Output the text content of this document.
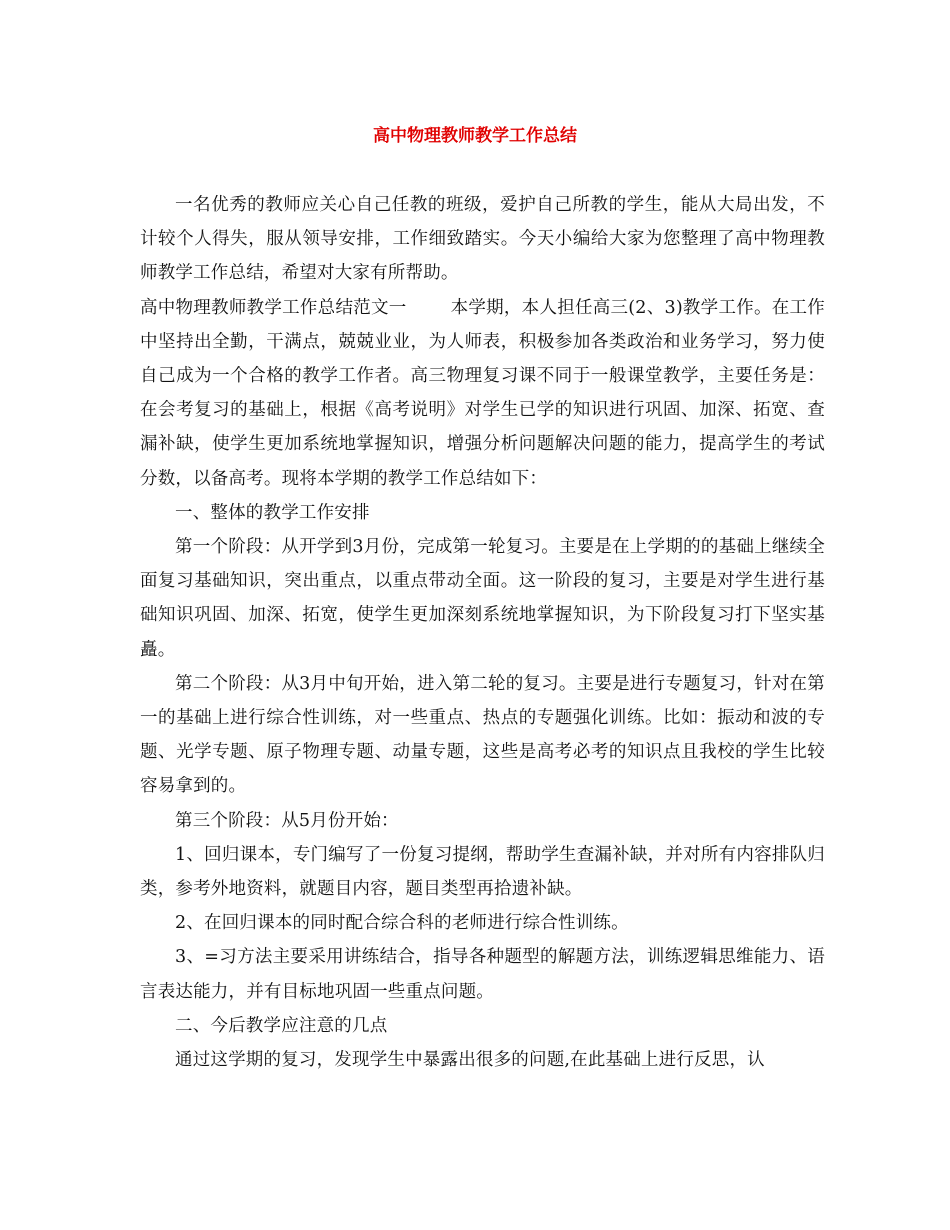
高中物理教师教学工作总结

一名优秀的教师应关心自己任教的班级，爱护自己所教的学生，能从大局出发，不计较个人得失，服从领导安排，工作细致踏实。今天小编给大家为您整理了高中物理教师教学工作总结，希望对大家有所帮助。

高中物理教师教学工作总结范文一	本学期，本人担任高三(2、3)教学工作。在工作中坚持出全勤，干满点，兢兢业业，为人师表，积极参加各类政治和业务学习，努力使自己成为一个合格的教学工作者。高三物理复习课不同于一般课堂教学，主要任务是：在会考复习的基础上，根据《高考说明》对学生已学的知识进行巩固、加深、拓宽、查漏补缺，使学生更加系统地掌握知识，增强分析问题解决问题的能力，提高学生的考试分数，以备高考。现将本学期的教学工作总结如下：

一、整体的教学工作安排

第一个阶段：从开学到3月份，完成第一轮复习。主要是在上学期的的基础上继续全面复习基础知识，突出重点，以重点带动全面。这一阶段的复习，主要是对学生进行基础知识巩固、加深、拓宽，使学生更加深刻系统地掌握知识，为下阶段复习打下坚实基矗。

第二个阶段：从3月中旬开始，进入第二轮的复习。主要是进行专题复习，针对在第一的基础上进行综合性训练，对一些重点、热点的专题强化训练。比如：振动和波的专题、光学专题、原子物理专题、动量专题，这些是高考必考的知识点且我校的学生比较容易拿到的。

第三个阶段：从5月份开始：

1、回归课本，专门编写了一份复习提纲，帮助学生查漏补缺，并对所有内容排队归类，参考外地资料，就题目内容，题目类型再拾遗补缺。

2、在回归课本的同时配合综合科的老师进行综合性训练。

3、=习方法主要采用讲练结合，指导各种题型的解题方法，训练逻辑思维能力、语言表达能力，并有目标地巩固一些重点问题。

二、今后教学应注意的几点

通过这学期的复习，发现学生中暴露出很多的问题,在此基础上进行反思，认
